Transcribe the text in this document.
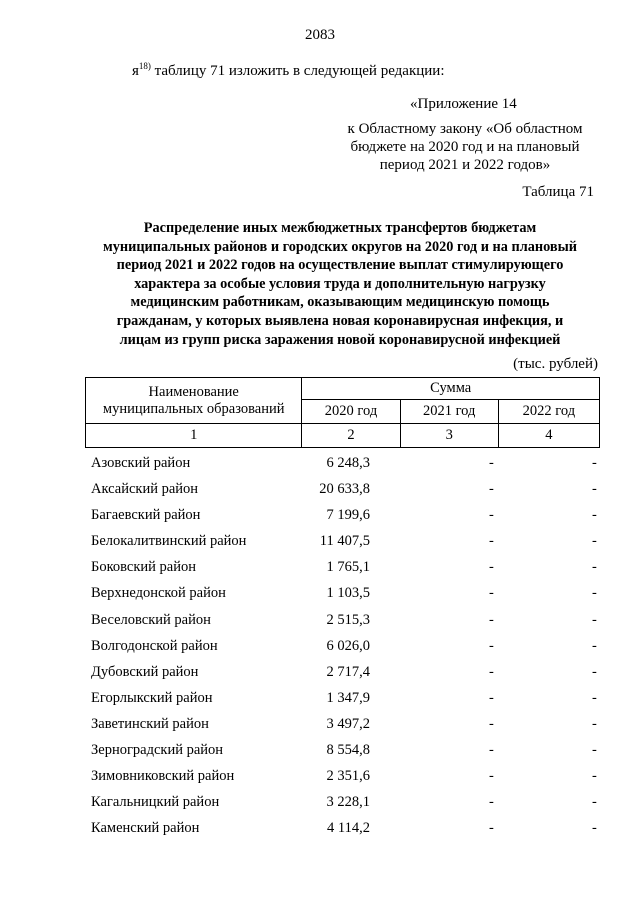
2083
$я^{18)}$ таблицу 71 изложить в следующей редакции:
«Приложение 14
к Областному закону «Об областном
бюджете на 2020 год и на плановый
период 2021 и 2022 годов»
Таблица 71
Распределение иных межбюджетных трансфертов бюджетам
муниципальных районов и городских округов на 2020 год и на плановый
период 2021 и 2022 годов на осуществление выплат стимулирующего
характера за особые условия труда и дополнительную нагрузку
медицинским работникам, оказывающим медицинскую помощь
гражданам, у которых выявлена новая коронавирусная инфекция, и
лицам из групп риска заражения новой коронавирусной инфекцией
(тыс. рублей)
Наименование
муниципальных образований	Сумма		
	2020 год	2021 год	2022 год
1	2	3	4
Азовский район	6 248,3	-	-
Аксайский район	20 633,8	-	-
Багаевский район	7 199,6	-	-
Белокалитвинский район	11 407,5	-	-
Боковский район	1 765,1	-	-
Верхнедонской район	1 103,5	-	-
Веселовский район	2 515,3	-	-
Волгодонской район	6 026,0	-	-
Дубовский район	2 717,4	-	-
Егорлыкский район	1 347,9	-	-
Заветинский район	3 497,2	-	-
Зерноградский район	8 554,8	-	-
Зимовниковский район	2 351,6	-	-
Кагальницкий район	3 228,1	-	-
Каменский район	4 114,2	-	-
